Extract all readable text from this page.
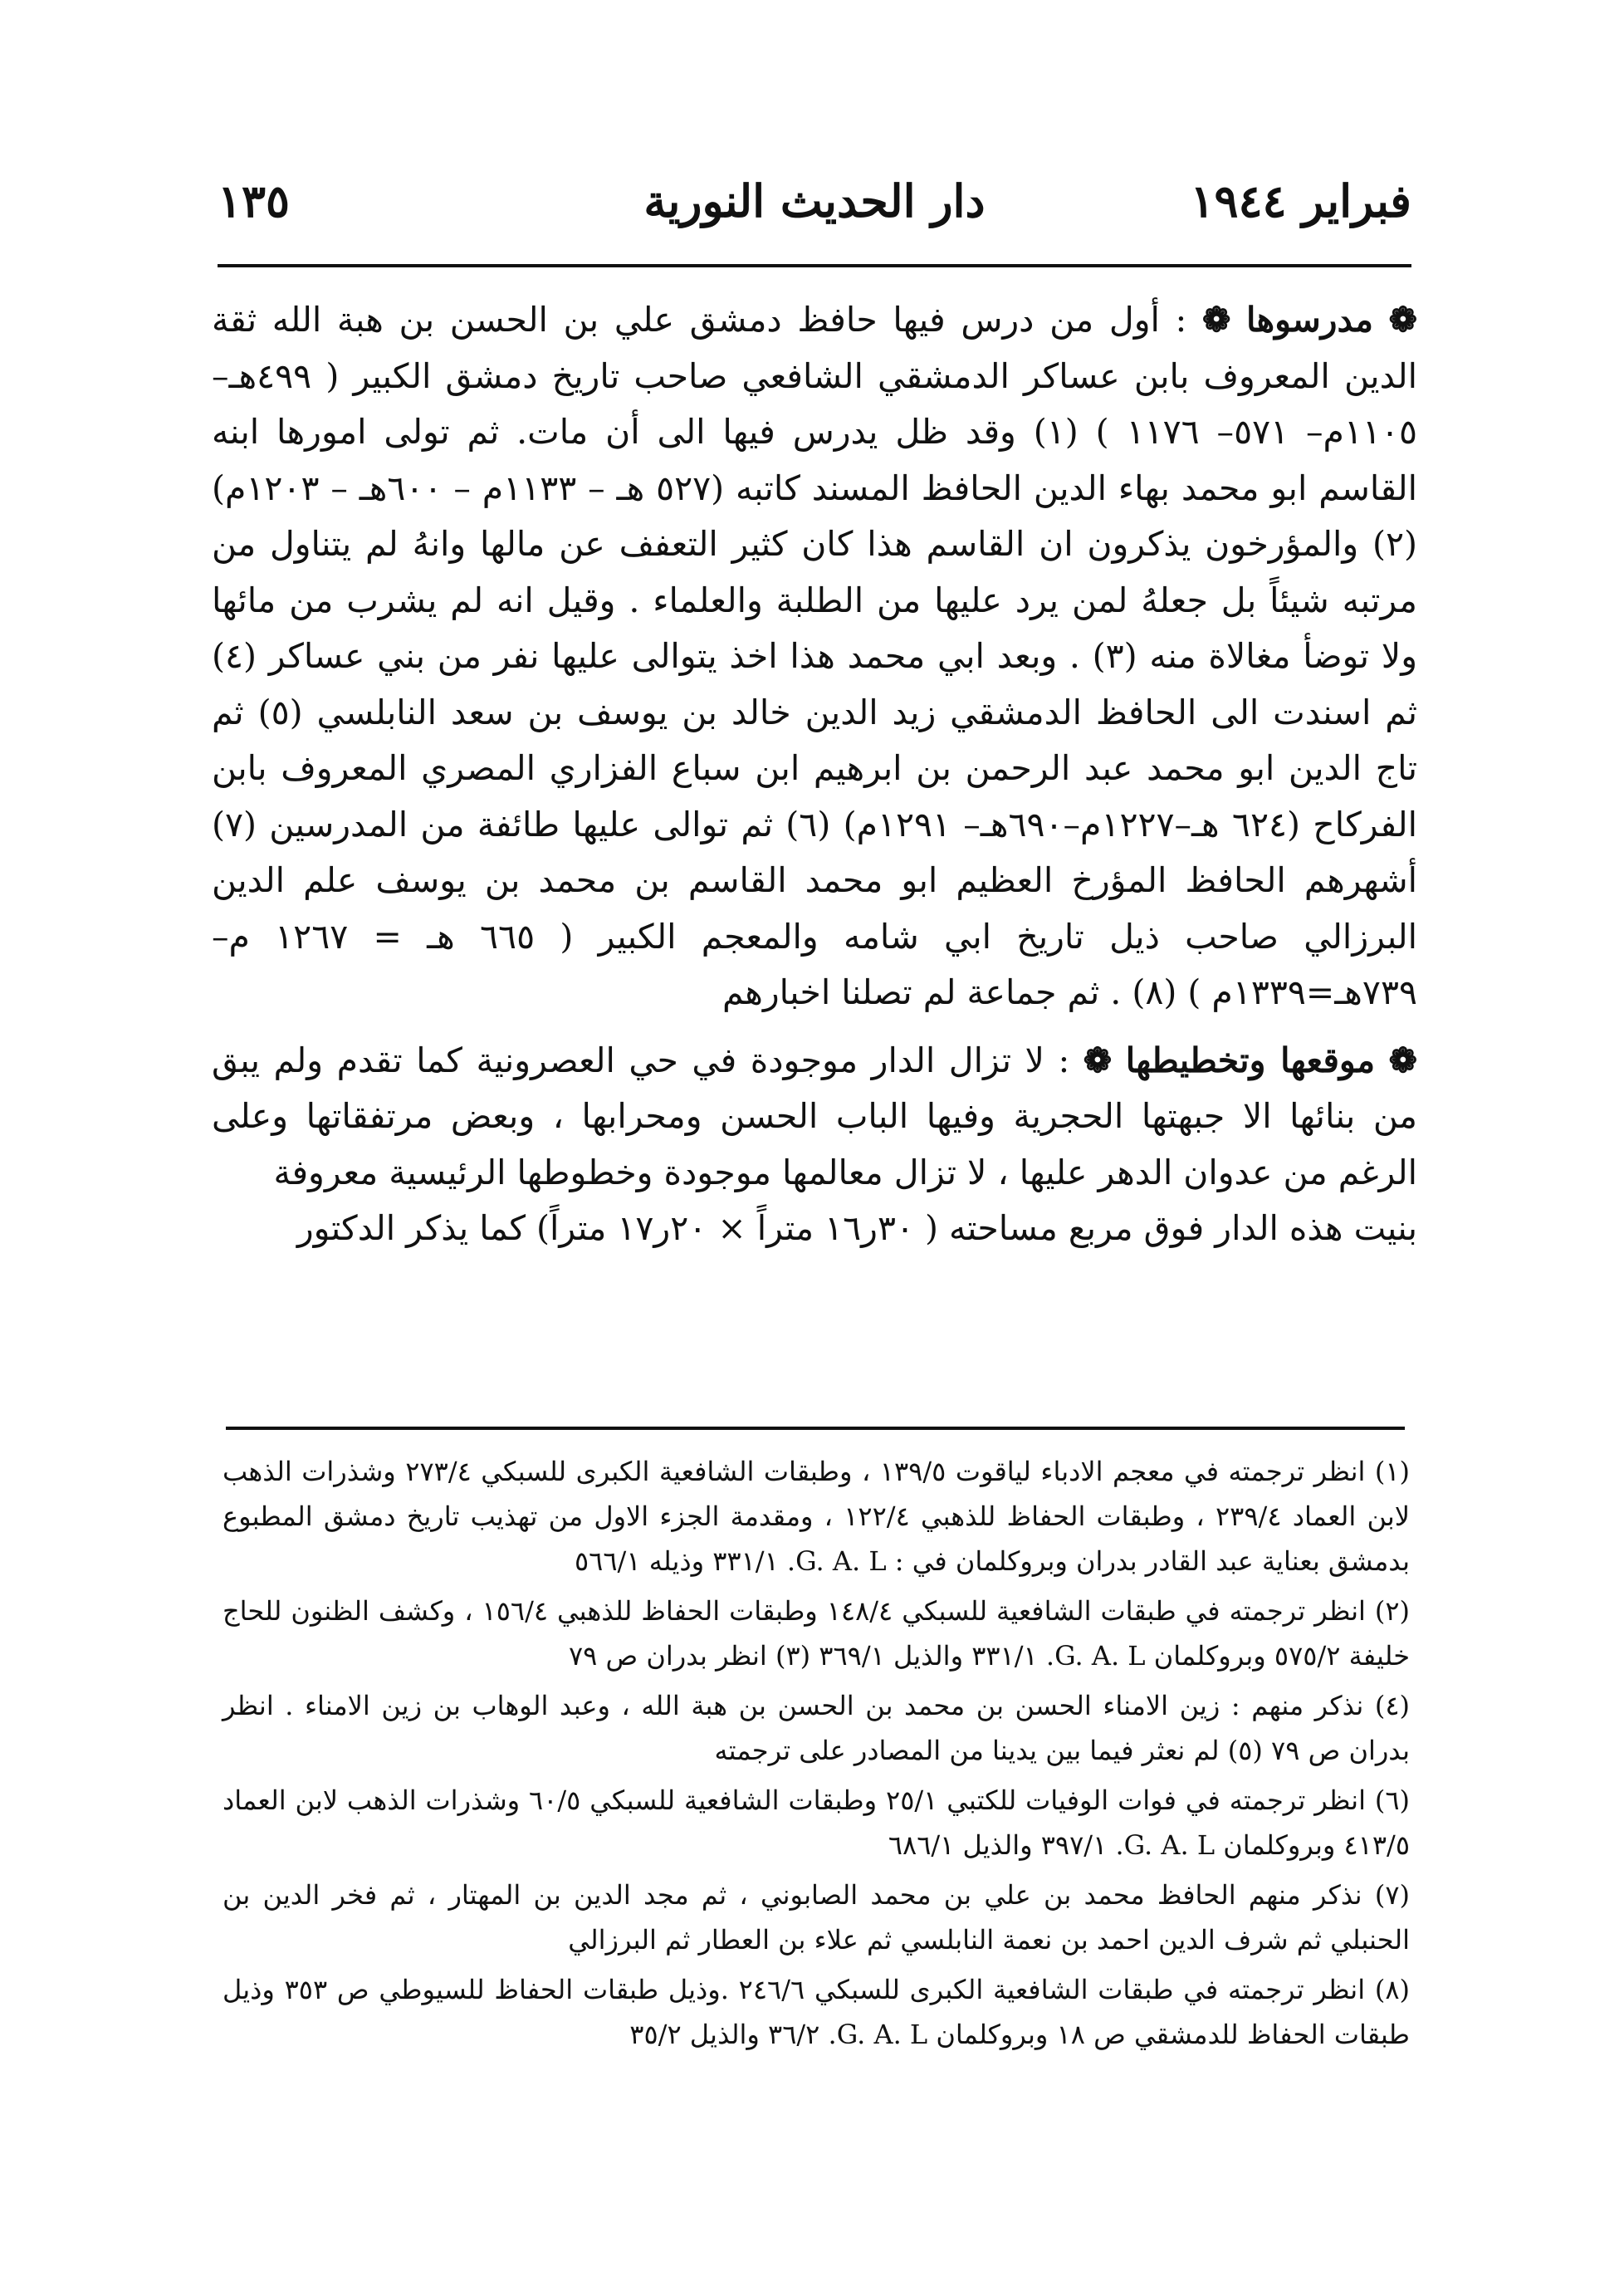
١٣٥	دار الحديث النورية	فبراير ١٩٤٤

❁ مدرسوها ❁ : أول من درس فيها حافظ دمشق علي بن الحسن بن هبة الله ثقة الدين المعروف بابن عساكر الدمشقي الشافعي صاحب تاريخ دمشق الكبير ( ٤٩٩هـ–١١٠٥م– ٥٧١– ١١٧٦ ) (١) وقد ظل يدرس فيها الى أن مات. ثم تولى امورها ابنه القاسم ابو محمد بهاء الدين الحافظ المسند كاتبه (٥٢٧ هـ – ١١٣٣م – ٦٠٠هـ – ١٢٠٣م) (٢) والمؤرخون يذكرون ان القاسم هذا كان كثير التعفف عن مالها وانهُ لم يتناول من مرتبه شيئاً بل جعلهُ لمن يرد عليها من الطلبة والعلماء . وقيل انه لم يشرب من مائها ولا توضأ مغالاة منه (٣) . وبعد ابي محمد هذا اخذ يتوالى عليها نفر من بني عساكر (٤) ثم اسندت الى الحافظ الدمشقي زيد الدين خالد بن يوسف بن سعد النابلسي (٥) ثم تاج الدين ابو محمد عبد الرحمن بن ابرهيم ابن سباع الفزاري المصري المعروف بابن الفركاح (٦٢٤ هـ–١٢٢٧م–٦٩٠هـ– ١٢٩١م) (٦) ثم توالى عليها طائفة من المدرسين (٧) أشهرهم الحافظ المؤرخ العظيم ابو محمد القاسم بن محمد بن يوسف علم الدين البرزالي صاحب ذيل تاريخ ابي شامه والمعجم الكبير ( ٦٦٥ هـ = ١٢٦٧ م–٧٣٩هـ=١٣٣٩م ) (٨) . ثم جماعة لم تصلنا اخبارهم

❁ موقعها وتخطيطها ❁ : لا تزال الدار موجودة في حي العصرونية كما تقدم ولم يبق من بنائها الا جبهتها الحجرية وفيها الباب الحسن ومحرابها ، وبعض مرتفقاتها وعلى الرغم من عدوان الدهر عليها ، لا تزال معالمها موجودة وخطوطها الرئيسية معروفة

بنيت هذه الدار فوق مربع مساحته ( ٣٠ر١٦ متراً × ٢٠ر١٧ متراً) كما يذكر الدكتور

(١) انظر ترجمته في معجم الادباء لياقوت ١٣٩/٥ ، وطبقات الشافعية الكبرى للسبكي ٢٧٣/٤ وشذرات الذهب لابن العماد ٢٣٩/٤ ، وطبقات الحفاظ للذهبي ١٢٢/٤ ، ومقدمة الجزء الاول من تهذيب تاريخ دمشق المطبوع بدمشق بعناية عبد القادر بدران وبروكلمان في : G. A. L. ٣٣١/١ وذيله ٥٦٦/١

(٢) انظر ترجمته في طبقات الشافعية للسبكي ١٤٨/٤ وطبقات الحفاظ للذهبي ١٥٦/٤ ، وكشف الظنون للحاج خليفة ٥٧٥/٢ وبروكلمان G. A. L. ٣٣١/١ والذيل ٣٦٩/١ (٣) انظر بدران ص ٧٩

(٤) نذكر منهم : زين الامناء الحسن بن محمد بن الحسن بن هبة الله ، وعبد الوهاب بن زين الامناء . انظر بدران ص ٧٩ (٥) لم نعثر فيما بين يدينا من المصادر على ترجمته

(٦) انظر ترجمته في فوات الوفيات للكتبي ٢٥/١ وطبقات الشافعية للسبكي ٦٠/٥ وشذرات الذهب لابن العماد ٤١٣/٥ وبروكلمان G. A. L. ٣٩٧/١ والذيل ٦٨٦/١

(٧) نذكر منهم الحافظ محمد بن علي بن محمد الصابوني ، ثم مجد الدين بن المهتار ، ثم فخر الدين بن الحنبلي ثم شرف الدين احمد بن نعمة النابلسي ثم علاء بن العطار ثم البرزالي

(٨) انظر ترجمته في طبقات الشافعية الكبرى للسبكي ٢٤٦/٦ .وذيل طبقات الحفاظ للسيوطي ص ٣٥٣ وذيل طبقات الحفاظ للدمشقي ص ١٨ وبروكلمان G. A. L. ٣٦/٢ والذيل ٣٥/٢
